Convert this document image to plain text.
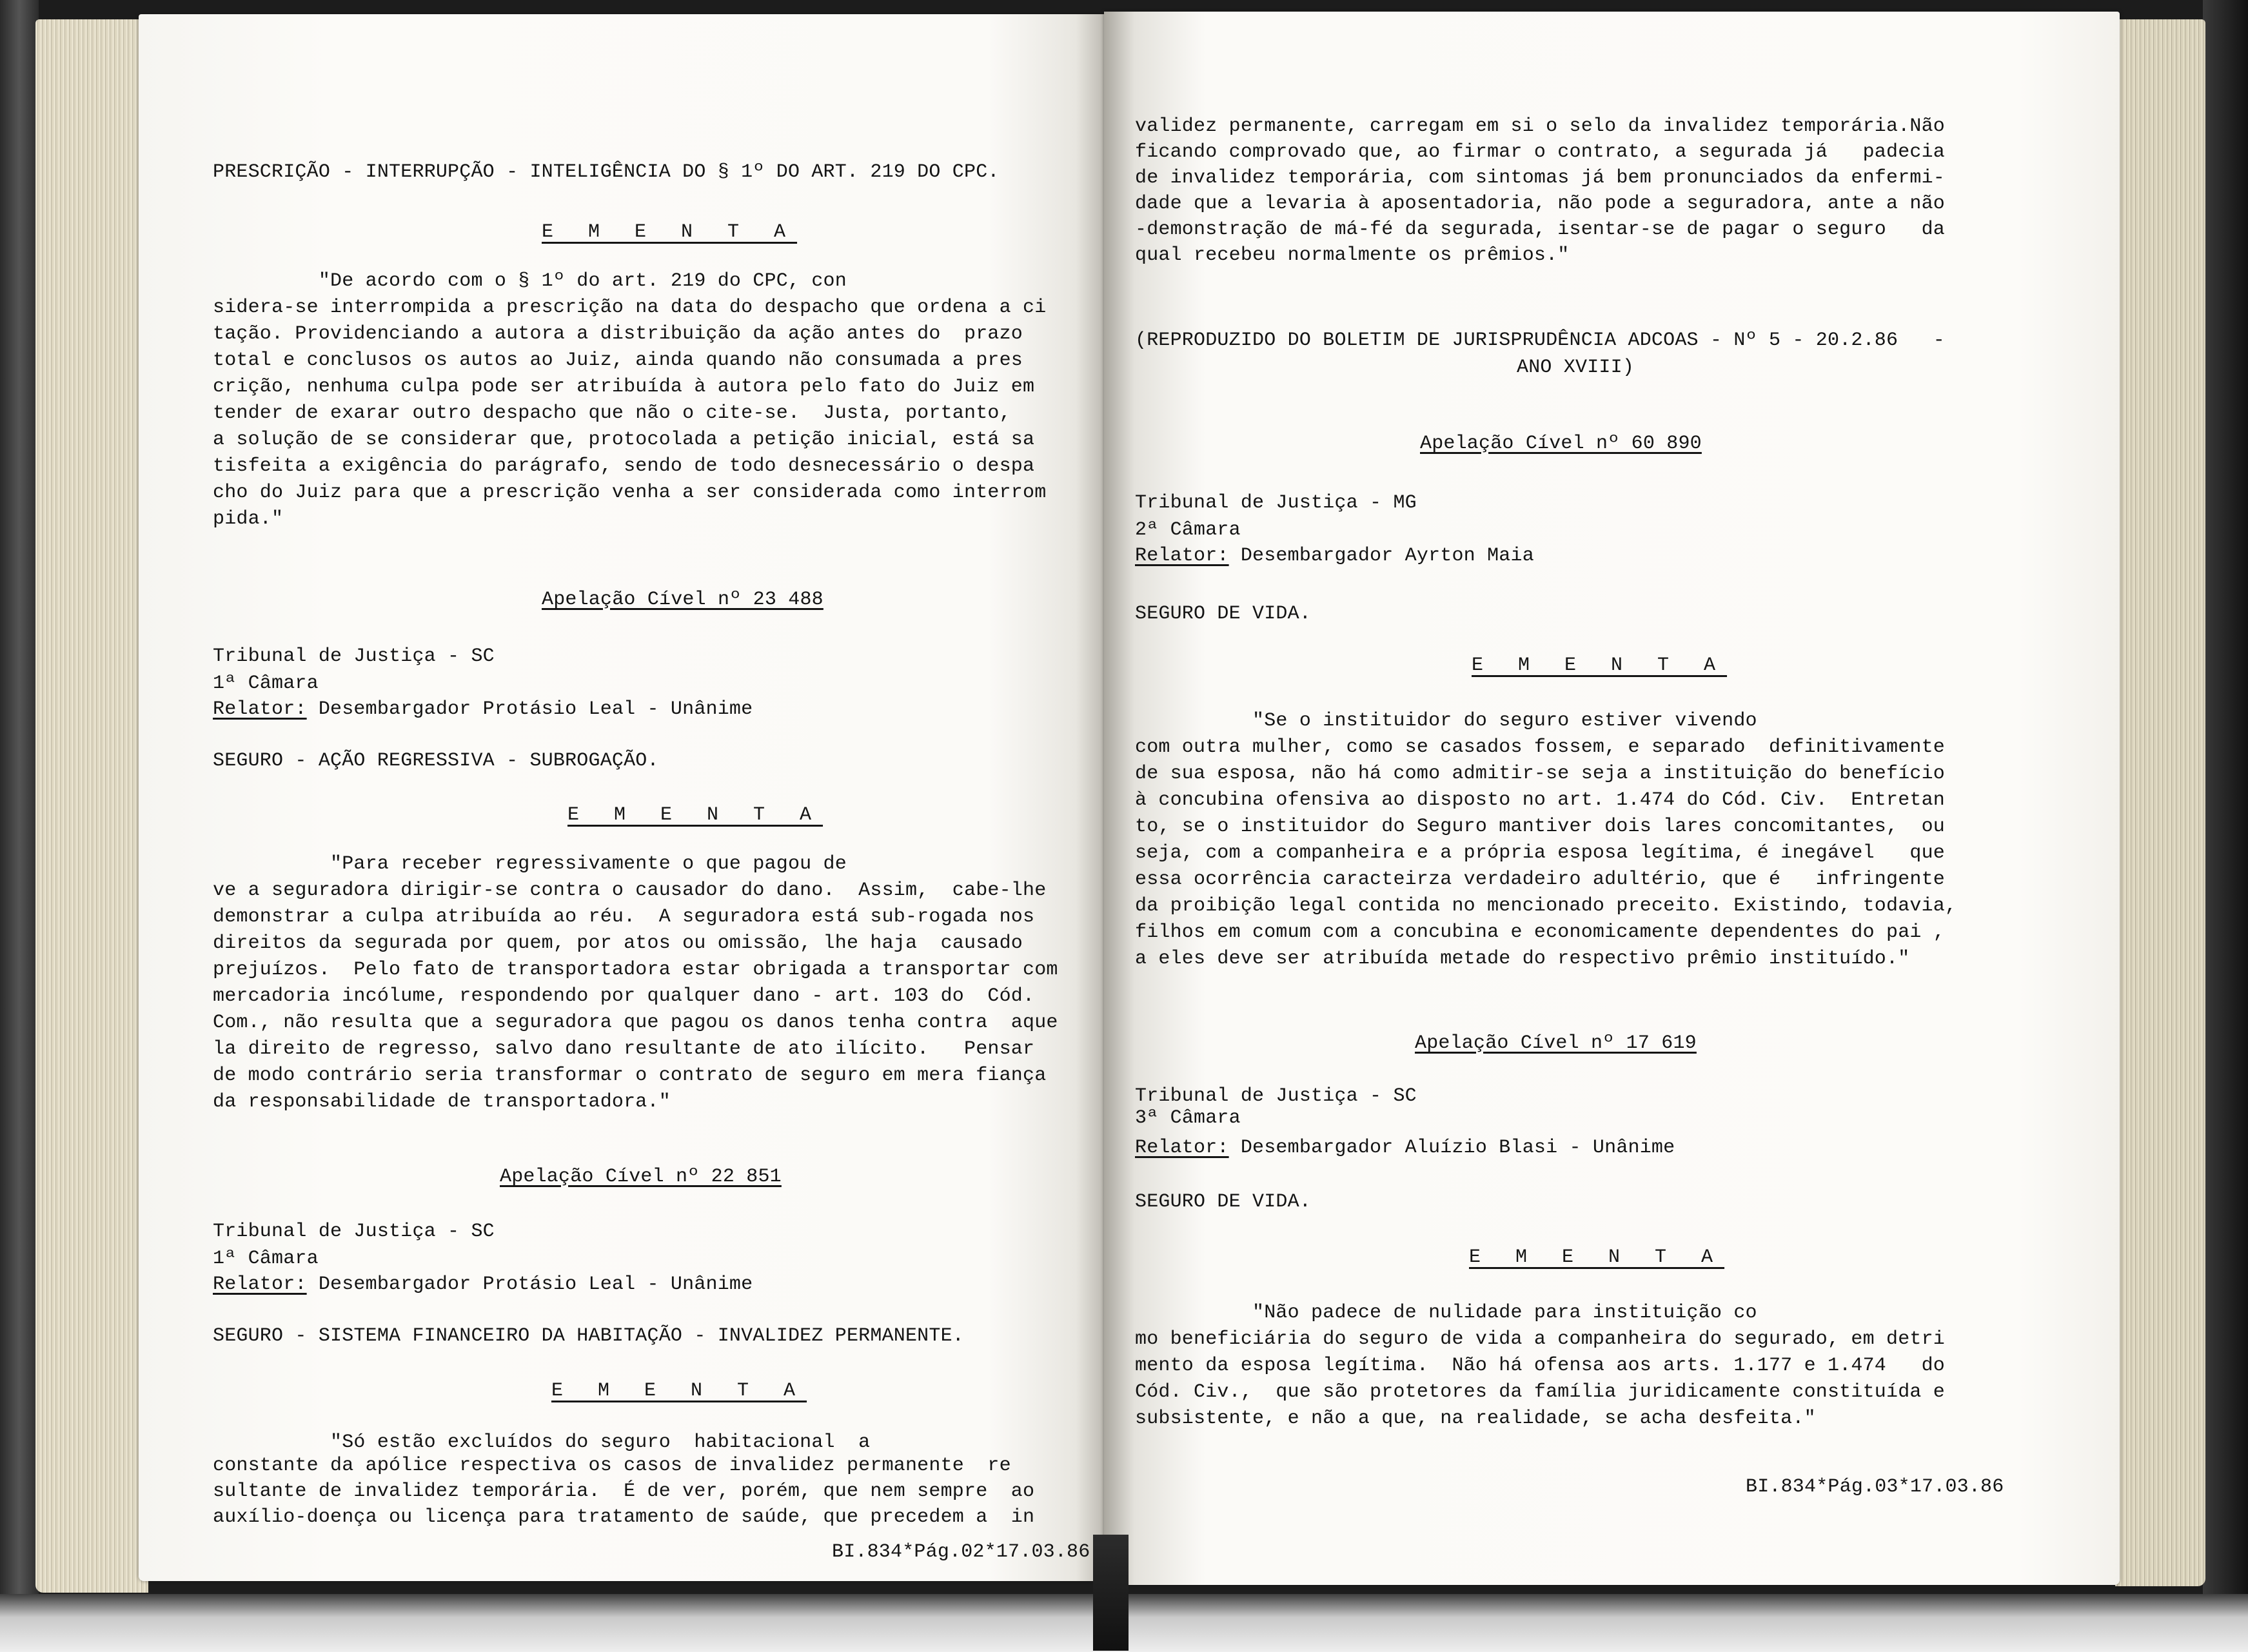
PRESCRIÇÃO - INTERRUPÇÃO - INTELIGÊNCIA DO § 1º DO ART. 219 DO CPC.
E M E N T A
"De acordo com o § 1º do art. 219 do CPC, con
sidera-se interrompida a prescrição na data do despacho que ordena a ci
tação. Providenciando a autora a distribuição da ação antes do  prazo
total e conclusos os autos ao Juiz, ainda quando não consumada a pres
crição, nenhuma culpa pode ser atribuída à autora pelo fato do Juiz em
tender de exarar outro despacho que não o cite-se.  Justa, portanto,
a solução de se considerar que, protocolada a petição inicial, está sa
tisfeita a exigência do parágrafo, sendo de todo desnecessário o despa
cho do Juiz para que a prescrição venha a ser considerada como interrom
pida."
Apelação Cível nº 23 488
Tribunal de Justiça - SC
1ª Câmara
Relator: Desembargador Protásio Leal - Unânime
SEGURO - AÇÃO REGRESSIVA - SUBROGAÇÃO.
E M E N T A
"Para receber regressivamente o que pagou de
ve a seguradora dirigir-se contra o causador do dano.  Assim,  cabe-lhe
demonstrar a culpa atribuída ao réu.  A seguradora está sub-rogada nos
direitos da segurada por quem, por atos ou omissão, lhe haja  causado
prejuízos.  Pelo fato de transportadora estar obrigada a transportar com
mercadoria incólume, respondendo por qualquer dano - art. 103 do  Cód.
Com., não resulta que a seguradora que pagou os danos tenha contra  aque
la direito de regresso, salvo dano resultante de ato ilícito.   Pensar
de modo contrário seria transformar o contrato de seguro em mera fiança
da responsabilidade de transportadora."
Apelação Cível nº 22 851
Tribunal de Justiça - SC
1ª Câmara
Relator: Desembargador Protásio Leal - Unânime
SEGURO - SISTEMA FINANCEIRO DA HABITAÇÃO - INVALIDEZ PERMANENTE.
E M E N T A
"Só estão excluídos do seguro  habitacional  a
constante da apólice respectiva os casos de invalidez permanente  re
sultante de invalidez temporária.  É de ver, porém, que nem sempre  ao
auxílio-doença ou licença para tratamento de saúde, que precedem a  in
BI.834*Pág.02*17.03.86
validez permanente, carregam em si o selo da invalidez temporária.Não
ficando comprovado que, ao firmar o contrato, a segurada já   padecia
de invalidez temporária, com sintomas já bem pronunciados da enfermi-
dade que a levaria à aposentadoria, não pode a seguradora, ante a não
-demonstração de má-fé da segurada, isentar-se de pagar o seguro   da
qual recebeu normalmente os prêmios."
(REPRODUZIDO DO BOLETIM DE JURISPRUDÊNCIA ADCOAS - Nº 5 - 20.2.86   -
ANO XVIII)
Apelação Cível nº 60 890
Tribunal de Justiça - MG
2ª Câmara
Relator: Desembargador Ayrton Maia
SEGURO DE VIDA.
E M E N T A
"Se o instituidor do seguro estiver vivendo
com outra mulher, como se casados fossem, e separado  definitivamente
de sua esposa, não há como admitir-se seja a instituição do benefício
à concubina ofensiva ao disposto no art. 1.474 do Cód. Civ.  Entretan
to, se o instituidor do Seguro mantiver dois lares concomitantes,  ou
seja, com a companheira e a própria esposa legítima, é inegável   que
essa ocorrência caracteirza verdadeiro adultério, que é   infringente
da proibição legal contida no mencionado preceito. Existindo, todavia,
filhos em comum com a concubina e economicamente dependentes do pai ,
a eles deve ser atribuída metade do respectivo prêmio instituído."
Apelação Cível nº 17 619
Tribunal de Justiça - SC
3ª Câmara
Relator: Desembargador Aluízio Blasi - Unânime
SEGURO DE VIDA.
E M E N T A
"Não padece de nulidade para instituição co
mo beneficiária do seguro de vida a companheira do segurado, em detri
mento da esposa legítima.  Não há ofensa aos arts. 1.177 e 1.474   do
Cód. Civ.,  que são protetores da família juridicamente constituída e
subsistente, e não a que, na realidade, se acha desfeita."
BI.834*Pág.03*17.03.86
